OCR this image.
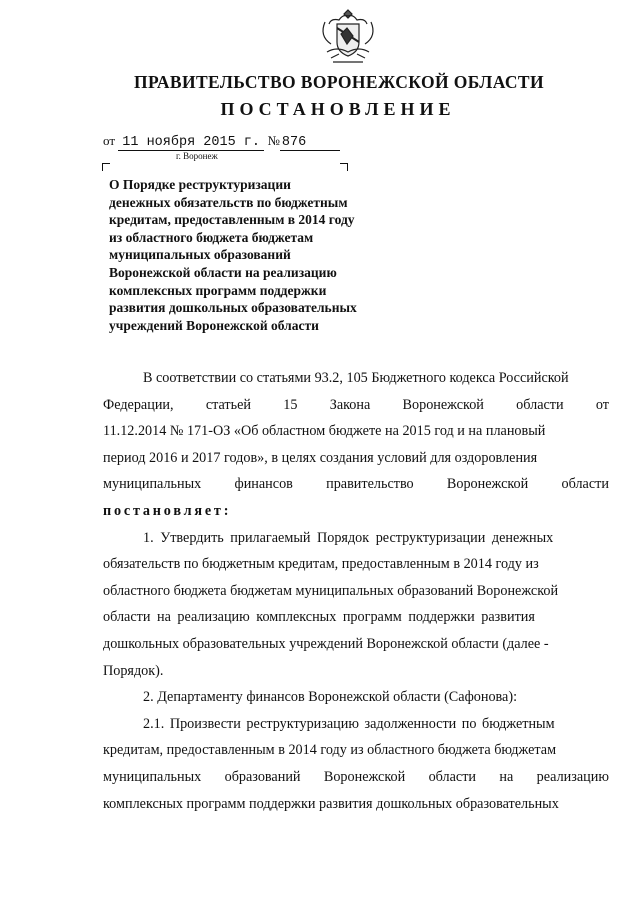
ПРАВИТЕЛЬСТВО ВОРОНЕЖСКОЙ ОБЛАСТИ
ПОСТАНОВЛЕНИЕ
от 11 ноября 2015 г. № 876
г. Воронеж
О Порядке реструктуризации
денежных обязательств по бюджетным
кредитам, предоставленным в 2014 году
из областного бюджета бюджетам
муниципальных образований
Воронежской области на реализацию
комплексных программ поддержки
развития дошкольных образовательных
учреждений Воронежской области
В соответствии со статьями 93.2, 105 Бюджетного кодекса Российской
Федерации, статьей 15 Закона Воронежской области от
11.12.2014 № 171-ОЗ «Об областном бюджете на 2015 год и на плановый
период 2016 и 2017 годов», в целях создания условий для оздоровления
муниципальных финансов правительство Воронежской области
постановляет:
1. Утвердить прилагаемый Порядок реструктуризации денежных
обязательств по бюджетным кредитам, предоставленным в 2014 году из
областного бюджета бюджетам муниципальных образований Воронежской
области на реализацию комплексных программ поддержки развития
дошкольных образовательных учреждений Воронежской области (далее -
Порядок).
2. Департаменту финансов Воронежской области (Сафонова):
2.1. Произвести реструктуризацию задолженности по бюджетным
кредитам, предоставленным в 2014 году из областного бюджета бюджетам
муниципальных образований Воронежской области на реализацию
комплексных программ поддержки развития дошкольных образовательных
